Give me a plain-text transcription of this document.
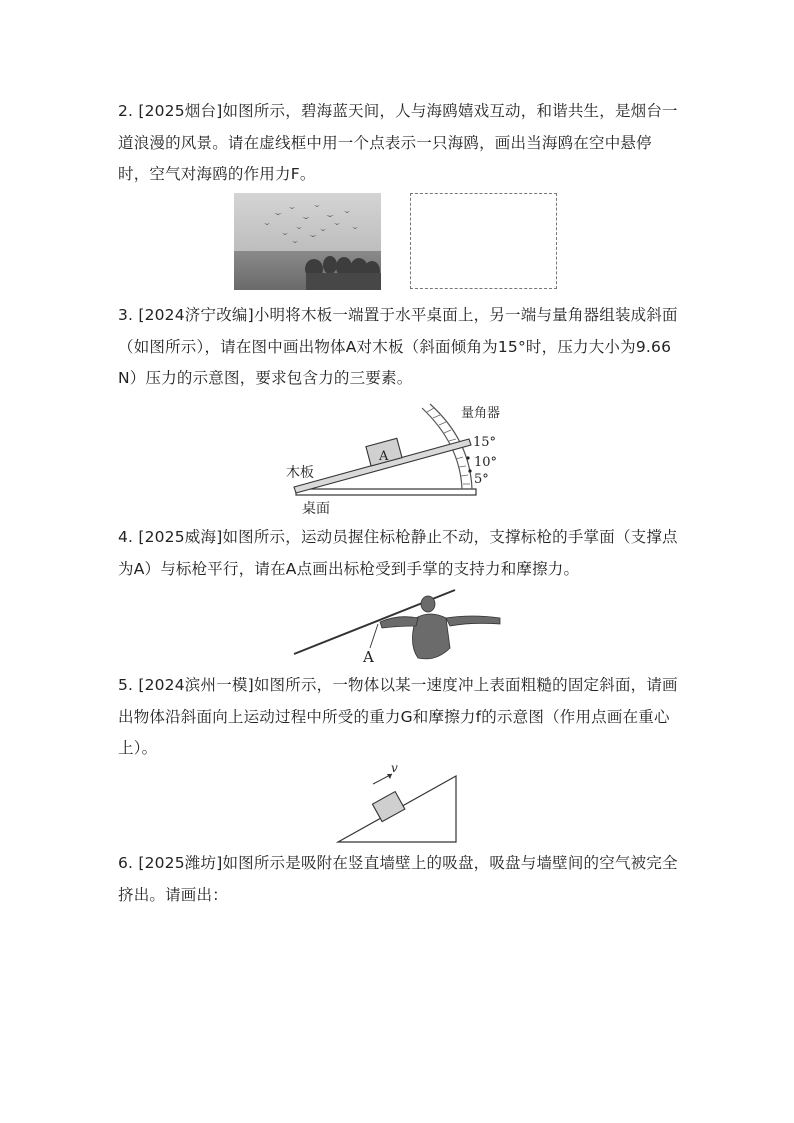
2. [2025烟台]如图所示，碧海蓝天间，人与海鸥嬉戏互动，和谐共生，是烟台一道浪漫的风景。请在虚线框中用一个点表示一只海鸥，画出当海鸥在空中悬停时，空气对海鸥的作用力F。

3. [2024济宁改编]小明将木板一端置于水平桌面上，另一端与量角器组装成斜面（如图所示），请在图中画出物体A对木板（斜面倾角为15°时，压力大小为9.66 N）压力的示意图，要求包含力的三要素。

桌面
量角器
木板
A
15°
10°
5°

4. [2025威海]如图所示，运动员握住标枪静止不动，支撑标枪的手掌面（支撑点为A）与标枪平行，请在A点画出标枪受到手掌的支持力和摩擦力。

A

5. [2024滨州一模]如图所示，一物体以某一速度冲上表面粗糙的固定斜面，请画出物体沿斜面向上运动过程中所受的重力G和摩擦力f的示意图（作用点画在重心上）。

v

6. [2025潍坊]如图所示是吸附在竖直墙壁上的吸盘，吸盘与墙壁间的空气被完全挤出。请画出：
